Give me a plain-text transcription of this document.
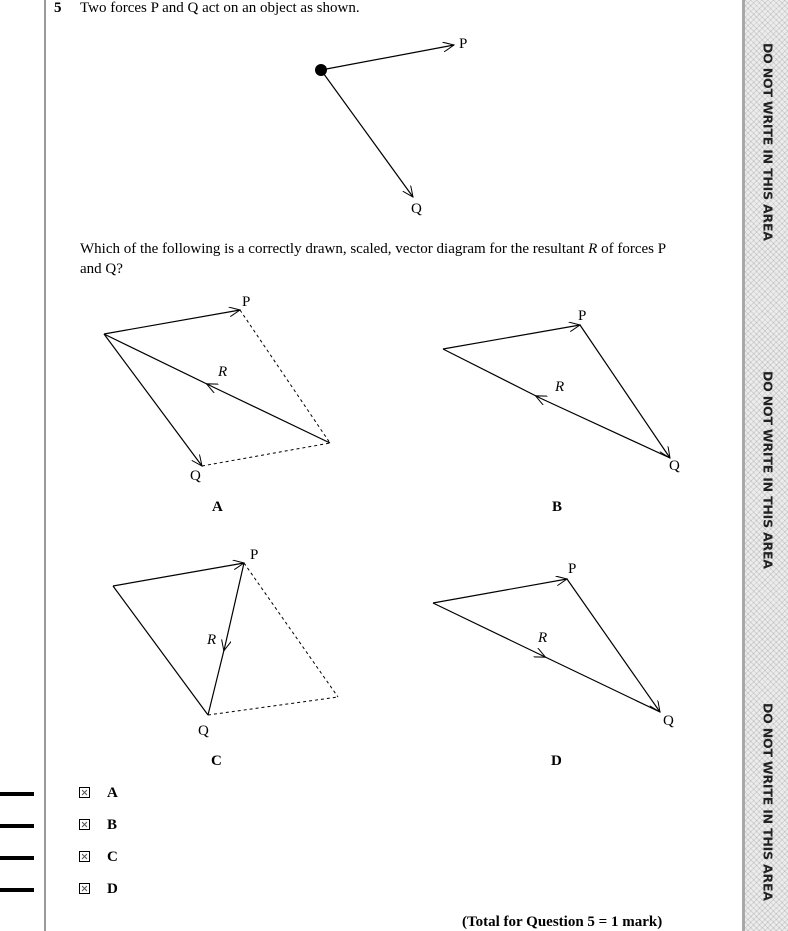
DO NOT WRITE IN THIS AREA
DO NOT WRITE IN THIS AREA
DO NOT WRITE IN THIS AREA
5 Two forces P and Q act on an object as shown.
P
Q
Which of the following is a correctly drawn, scaled, vector diagram for the resultant R of forces P and Q?
P
R
Q
A
P
R
Q
B
P
R
Q
C
P
R
Q
D
A
B
C
D
(Total for Question 5 = 1 mark)
